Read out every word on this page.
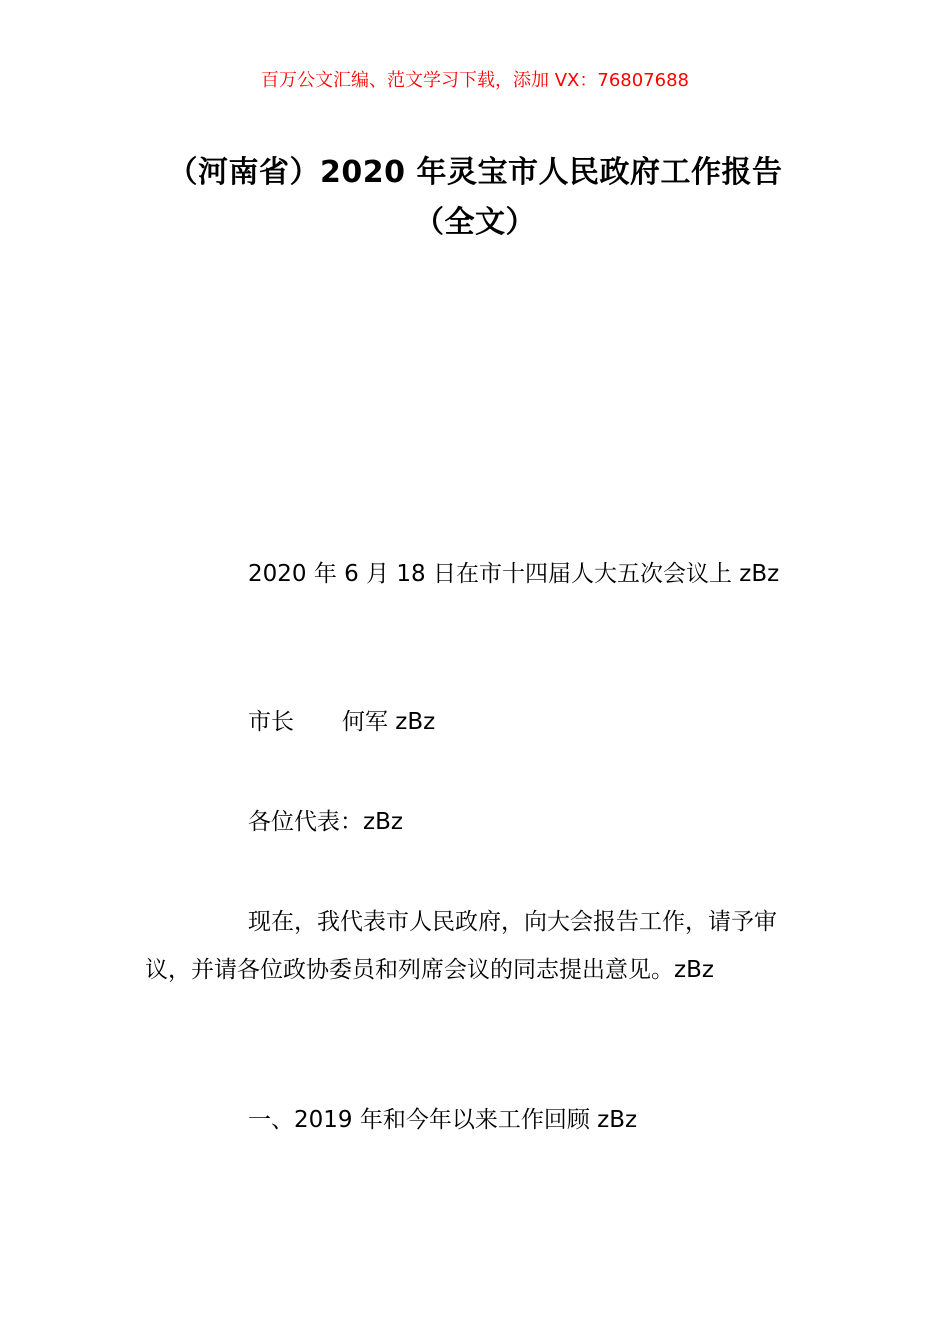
百万公文汇编、范文学习下载，添加 VX：76807688
（河南省）2020 年灵宝市人民政府工作报告（全文）

2020 年 6 月 18 日在市十四届人大五次会议上 zBz

市长 何军 zBz

各位代表：zBz

现在，我代表市人民政府，向大会报告工作，请予审议，并请各位政协委员和列席会议的同志提出意见。zBz

一、2019 年和今年以来工作回顾 zBz
